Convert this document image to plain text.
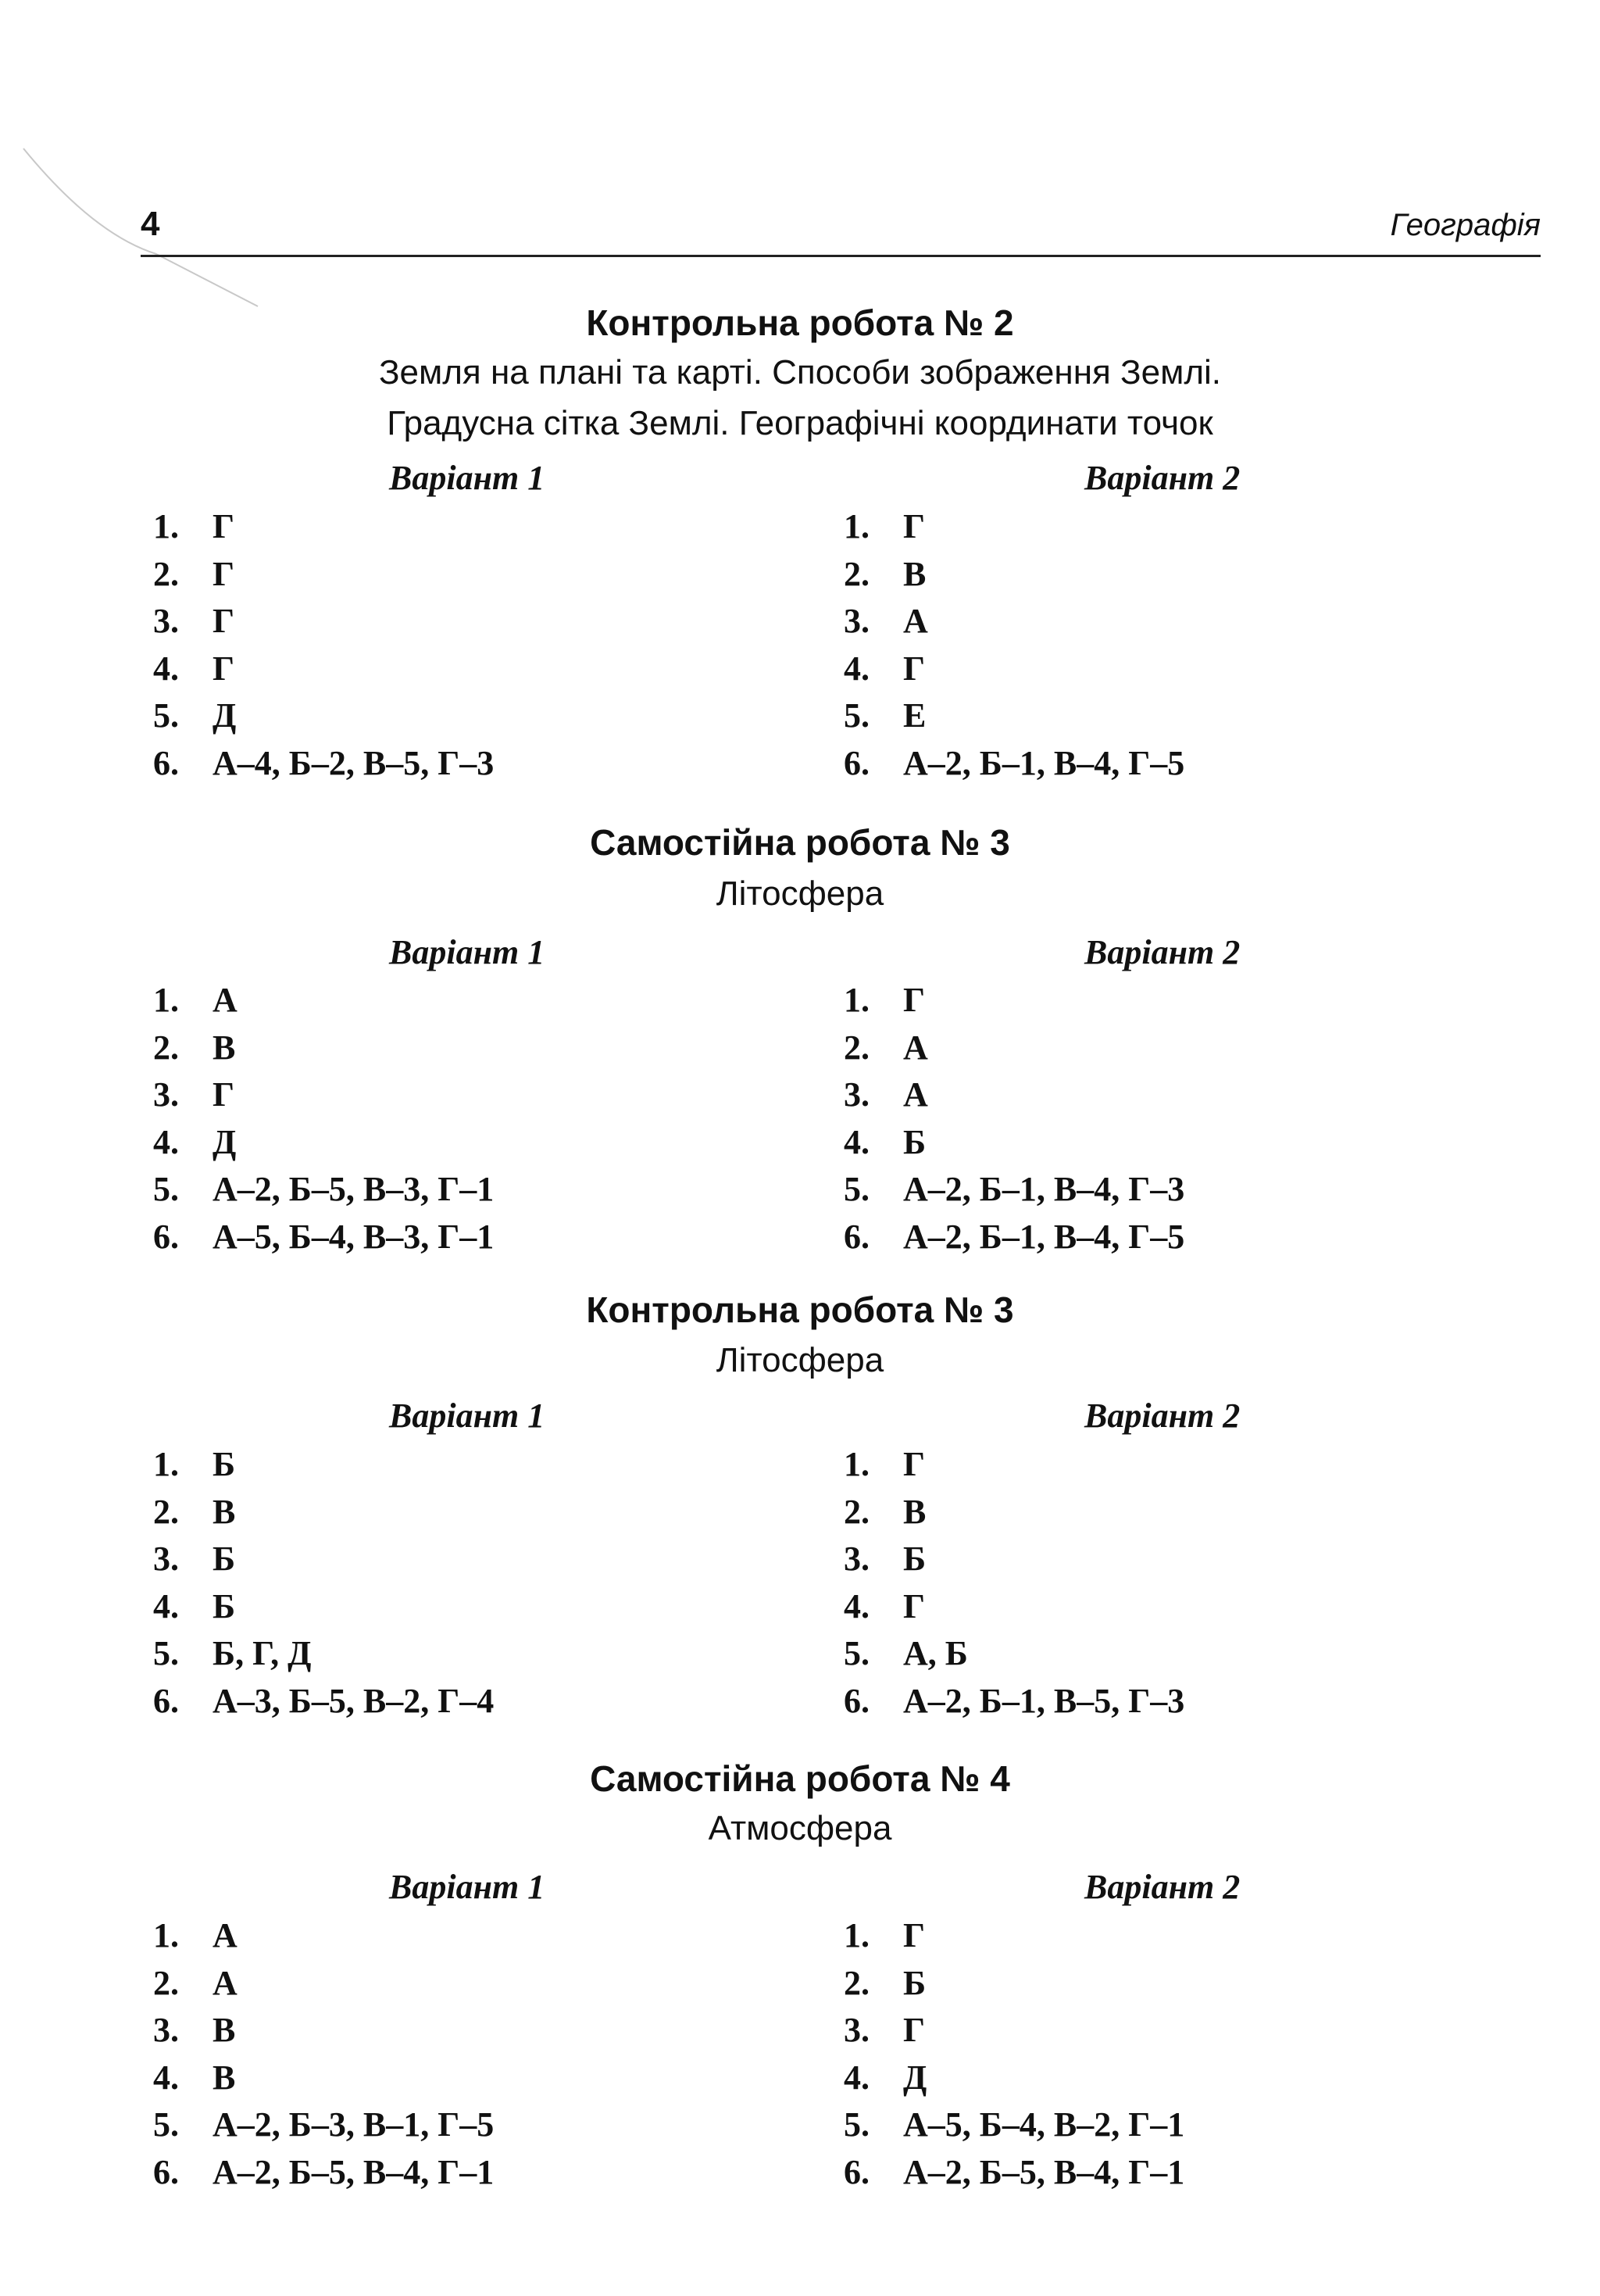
4	Географія
Контрольна робота № 2
Земля на плані та карті. Способи зображення Землі.
Градусна сітка Землі. Географічні координати точок
Варіант 1
1. Г
2. Г
3. Г
4. Г
5. Д
6. А–4, Б–2, В–5, Г–3
Варіант 2
1. Г
2. В
3. А
4. Г
5. Е
6. А–2, Б–1, В–4, Г–5
Самостійна робота № 3
Літосфера
Варіант 1
1. А
2. В
3. Г
4. Д
5. А–2, Б–5, В–3, Г–1
6. А–5, Б–4, В–3, Г–1
Варіант 2
1. Г
2. А
3. А
4. Б
5. А–2, Б–1, В–4, Г–3
6. А–2, Б–1, В–4, Г–5
Контрольна робота № 3
Літосфера
Варіант 1
1. Б
2. В
3. Б
4. Б
5. Б, Г, Д
6. А–3, Б–5, В–2, Г–4
Варіант 2
1. Г
2. В
3. Б
4. Г
5. А, Б
6. А–2, Б–1, В–5, Г–3
Самостійна робота № 4
Атмосфера
Варіант 1
1. А
2. А
3. В
4. В
5. А–2, Б–3, В–1, Г–5
6. А–2, Б–5, В–4, Г–1
Варіант 2
1. Г
2. Б
3. Г
4. Д
5. А–5, Б–4, В–2, Г–1
6. А–2, Б–5, В–4, Г–1
